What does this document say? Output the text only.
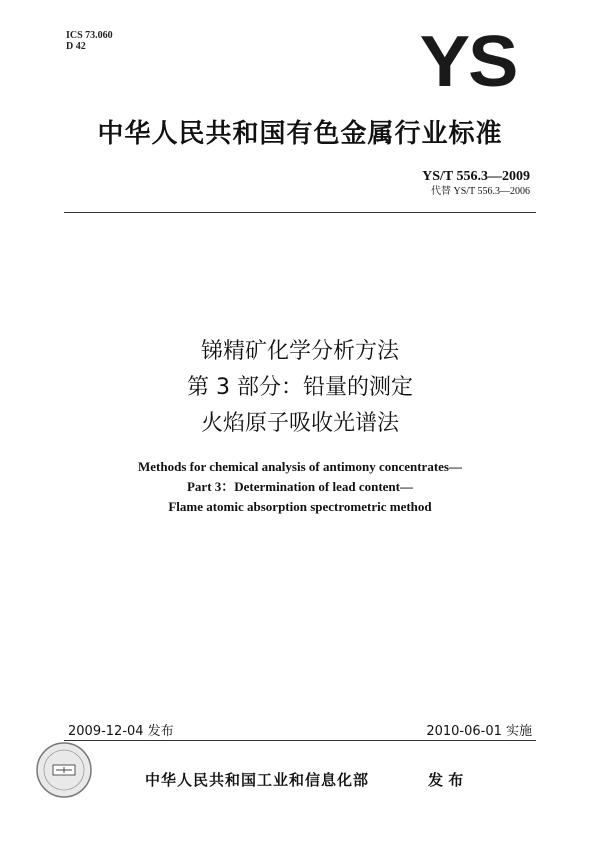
ICS 73.060
D 42	YS
中华人民共和国有色金属行业标准
YS/T 556.3—2009
代替 YS/T 556.3—2006
锑精矿化学分析方法
第 3 部分：铅量的测定
火焰原子吸收光谱法
Methods for chemical analysis of antimony concentrates—
Part 3：Determination of lead content—
Flame atomic absorption spectrometric method
2009-12-04 发布	2010-06-01 实施
中华人民共和国工业和信息化部	发 布
